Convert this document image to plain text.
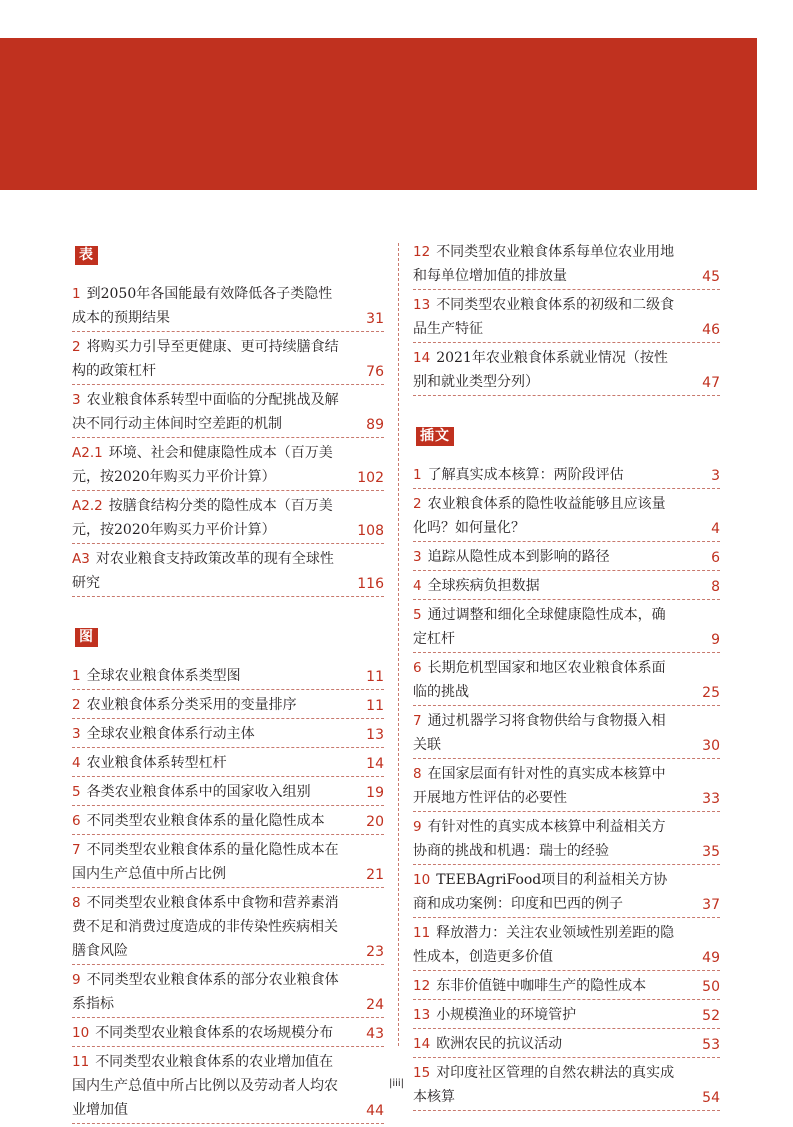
表
1 到2050年各国能最有效降低各子类隐性成本的预期结果	31
2 将购买力引导至更健康、更可持续膳食结构的政策杠杆	76
3 农业粮食体系转型中面临的分配挑战及解决不同行动主体间时空差距的机制	89
A2.1 环境、社会和健康隐性成本（百万美元，按2020年购买力平价计算）	102
A2.2 按膳食结构分类的隐性成本（百万美元，按2020年购买力平价计算）	108
A3 对农业粮食支持政策改革的现有全球性研究	116
图
1 全球农业粮食体系类型图	11
2 农业粮食体系分类采用的变量排序	11
3 全球农业粮食体系行动主体	13
4 农业粮食体系转型杠杆	14
5 各类农业粮食体系中的国家收入组别	19
6 不同类型农业粮食体系的量化隐性成本	20
7 不同类型农业粮食体系的量化隐性成本在国内生产总值中所占比例	21
8 不同类型农业粮食体系中食物和营养素消费不足和消费过度造成的非传染性疾病相关膳食风险	23
9 不同类型农业粮食体系的部分农业粮食体系指标	24
10 不同类型农业粮食体系的农场规模分布 43
11 不同类型农业粮食体系的农业增加值在国内生产总值中所占比例以及劳动者人均农业增加值	44
12 不同类型农业粮食体系每单位农业用地和每单位增加值的排放量	45
13 不同类型农业粮食体系的初级和二级食品生产特征	46
14 2021年农业粮食体系就业情况（按性别和就业类型分列）	47
插文
1 了解真实成本核算：两阶段评估	3
2 农业粮食体系的隐性收益能够且应该量化吗？如何量化？	4
3 追踪从隐性成本到影响的路径	6
4 全球疾病负担数据	8
5 通过调整和细化全球健康隐性成本，确定杠杆	9
6 长期危机型国家和地区农业粮食体系面临的挑战	25
7 通过机器学习将食物供给与食物摄入相关联	30
8 在国家层面有针对性的真实成本核算中开展地方性评估的必要性	33
9 有针对性的真实成本核算中利益相关方协商的挑战和机遇：瑞士的经验	35
10 TEEBAgriFood项目的利益相关方协商和成功案例：印度和巴西的例子	37
11 释放潜力：关注农业领域性别差距的隐性成本，创造更多价值	49
12 东非价值链中咖啡生产的隐性成本	50
13 小规模渔业的环境管护	52
14 欧洲农民的抗议活动	53
15 对印度社区管理的自然农耕法的真实成本核算	54
|iii|
